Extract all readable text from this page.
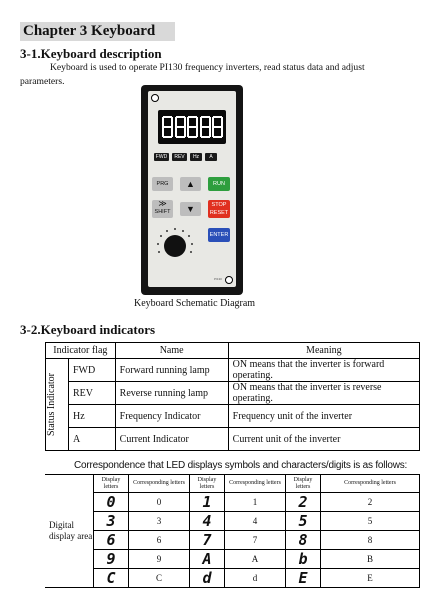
Chapter 3 Keyboard
3-1.Keyboard description
Keyboard is used to operate PI130 frequency inverters, read status data and adjust
parameters.
FWD	REV	Hz	A
PRG	▲	RUN
≫
SHIFT	▼	STOP
RESET
ENTER
PI130
Keyboard Schematic Diagram
3-2.Keyboard indicators
Indicator flag		Name	Meaning

Status Indicator	FWD	Forward running lamp	ON means that the inverter is forward operating.
	REV	Reverse running lamp	ON means that the inverter is reverse operating.
	Hz	Frequency Indicator	Frequency unit of the inverter
	A	Current Indicator	Current unit of the inverter
Correspondence that LED displays symbols and characters/digits is as follows:
Digital display area	Display letters	Corresponding letters	Display letters	Corresponding letters	Display letters	Corresponding letters
	0	0	1	1	2	2
	3	3	4	4	5	5
	6	6	7	7	8	8
	9	9	A	A	b	B
	C	C	d	d	E	E
